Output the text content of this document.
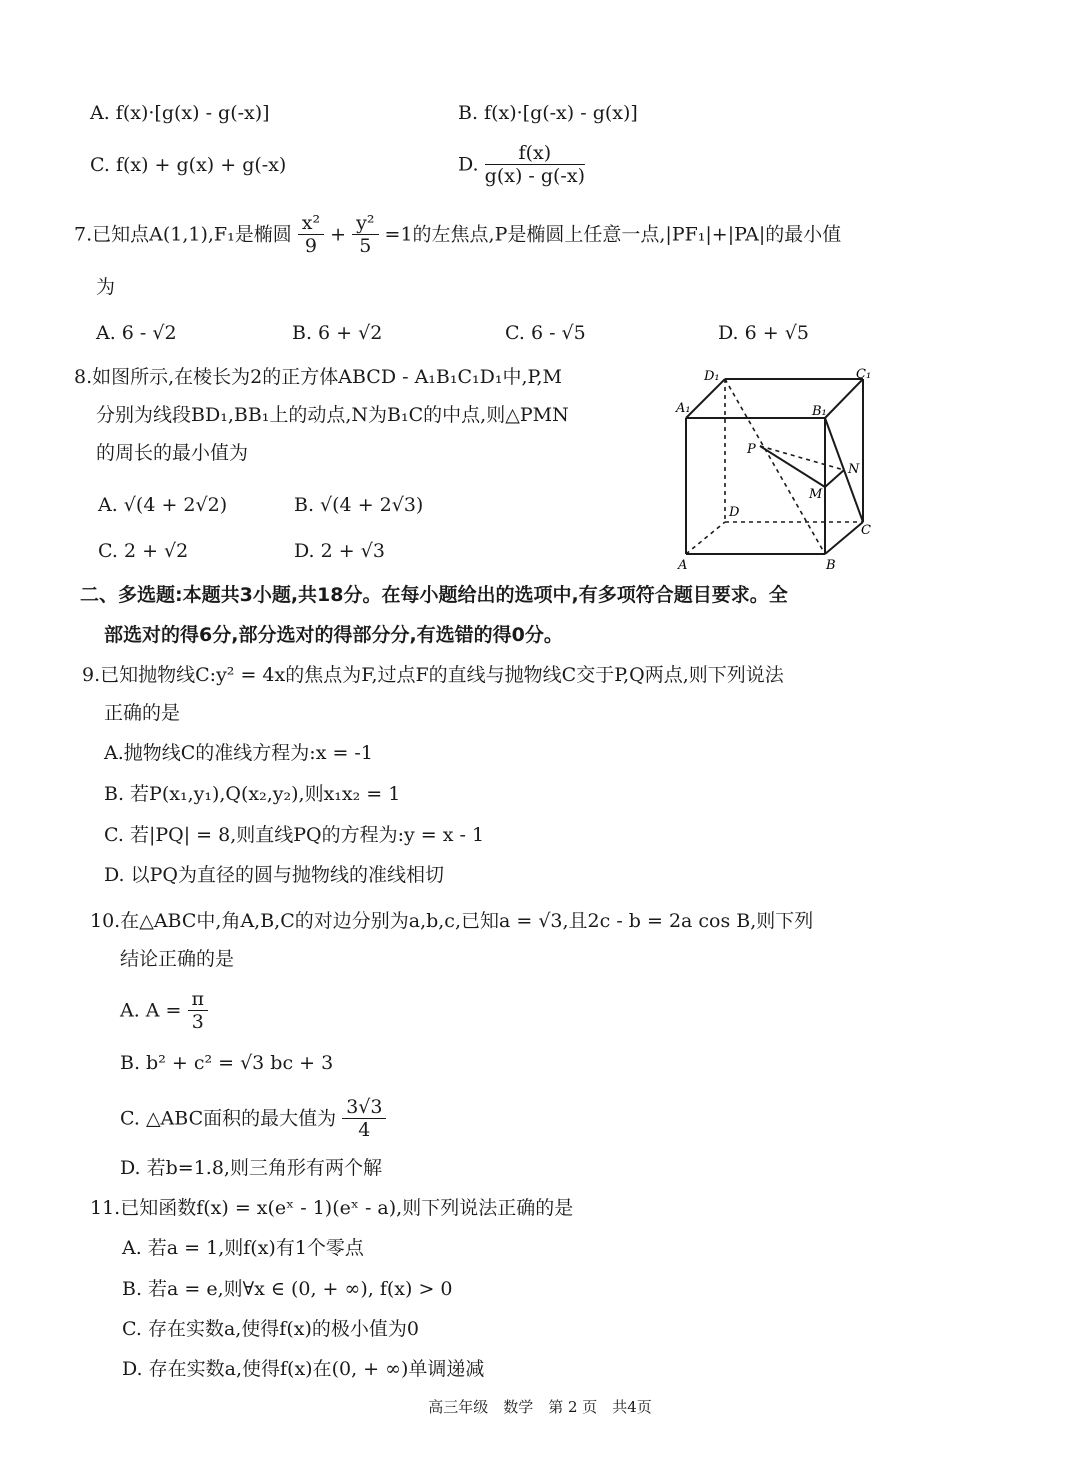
A. f(x)·[g(x) - g(-x)]	B. f(x)·[g(-x) - g(x)]
C. f(x) + g(x) + g(-x)	D. $\frac{f(x)}{g(x) - g(-x)}$
7.已知点A(1,1),F₁是椭圆 $\frac{\text{x²}}{9} + \frac{\text{y²}}{5} =1$的左焦点,P是椭圆上任意一点,|PF₁|+|PA|的最小值
为
A. 6 - √2	B. 6 + √2	C. 6 - √5	D. 6 + √5
8.如图所示,在棱长为2的正方体ABCD - A₁B₁C₁D₁中,P,M
分别为线段BD₁,BB₁上的动点,N为B₁C的中点,则△PMN
的周长的最小值为
A. √(4 + 2√2)	B. √(4 + 2√3)
C. 2 + √2	D. 2 + √3
D₁	C₁
A₁	B₁
P
N
M
D
C
A	B
二、多选题:本题共3小题,共18分。在每小题给出的选项中,有多项符合题目要求。全
部选对的得6分,部分选对的得部分分,有选错的得0分。
9.已知抛物线C:y² = 4x的焦点为F,过点F的直线与抛物线C交于P,Q两点,则下列说法
正确的是
A.抛物线C的准线方程为:x = -1
B. 若P(x₁,y₁),Q(x₂,y₂),则x₁x₂ = 1
C. 若|PQ| = 8,则直线PQ的方程为:y = x - 1
D. 以PQ为直径的圆与抛物线的准线相切
10.在△ABC中,角A,B,C的对边分别为a,b,c,已知a = √3,且2c - b = 2a cos B,则下列
结论正确的是
A. $A = \frac{\pi}{3}$
B. b² + c² = √3 bc + 3
C. △ABC面积的最大值为 $\frac{3√3}{4}$
D. 若b=1.8,则三角形有两个解
11.已知函数f(x) = x(eˣ - 1)(eˣ - a),则下列说法正确的是
A. 若a = 1,则f(x)有1个零点
B. 若a = e,则∀x ∈ (0, + ∞), f(x) > 0
C. 存在实数a,使得f(x)的极小值为0
D. 存在实数a,使得f(x)在(0, + ∞)单调递减
高三年级　数学　第 2 页　共4页
